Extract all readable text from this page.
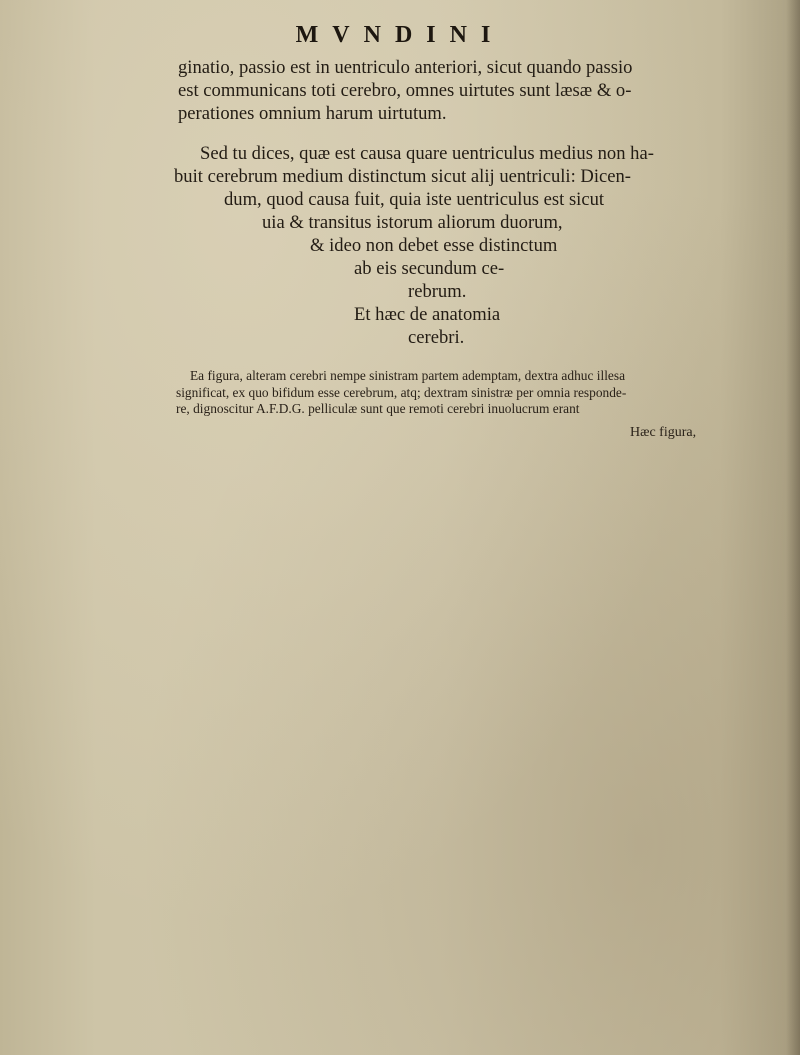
MVNDINI
ginatio, passio est in uentriculo anteriori, sicut quando passio
est communicans toti cerebro, omnes uirtutes sunt læsæ & o-
perationes omnium harum uirtutum.
Sed tu dices, quæ est causa quare uentriculus medius non ha-
buit cerebrum medium distinctum sicut alij uentriculi: Dicen-
dum, quod causa fuit, quia iste uentriculus est sicut
uia & transitus istorum aliorum duorum,
& ideo non debet esse distinctum
ab eis secundum ce-
rebrum.
Et hæc de anatomia
cerebri.
Ea figura, alteram cerebri nempe sinistram partem ademptam, dextra adhuc illesa
significat, ex quo bifidum esse cerebrum, atq; dextram sinistræ per omnia responde-
re, dignoscitur A.F.D.G. pelliculæ sunt que remoti cerebri inuolucrum erant
Hæc figura,
